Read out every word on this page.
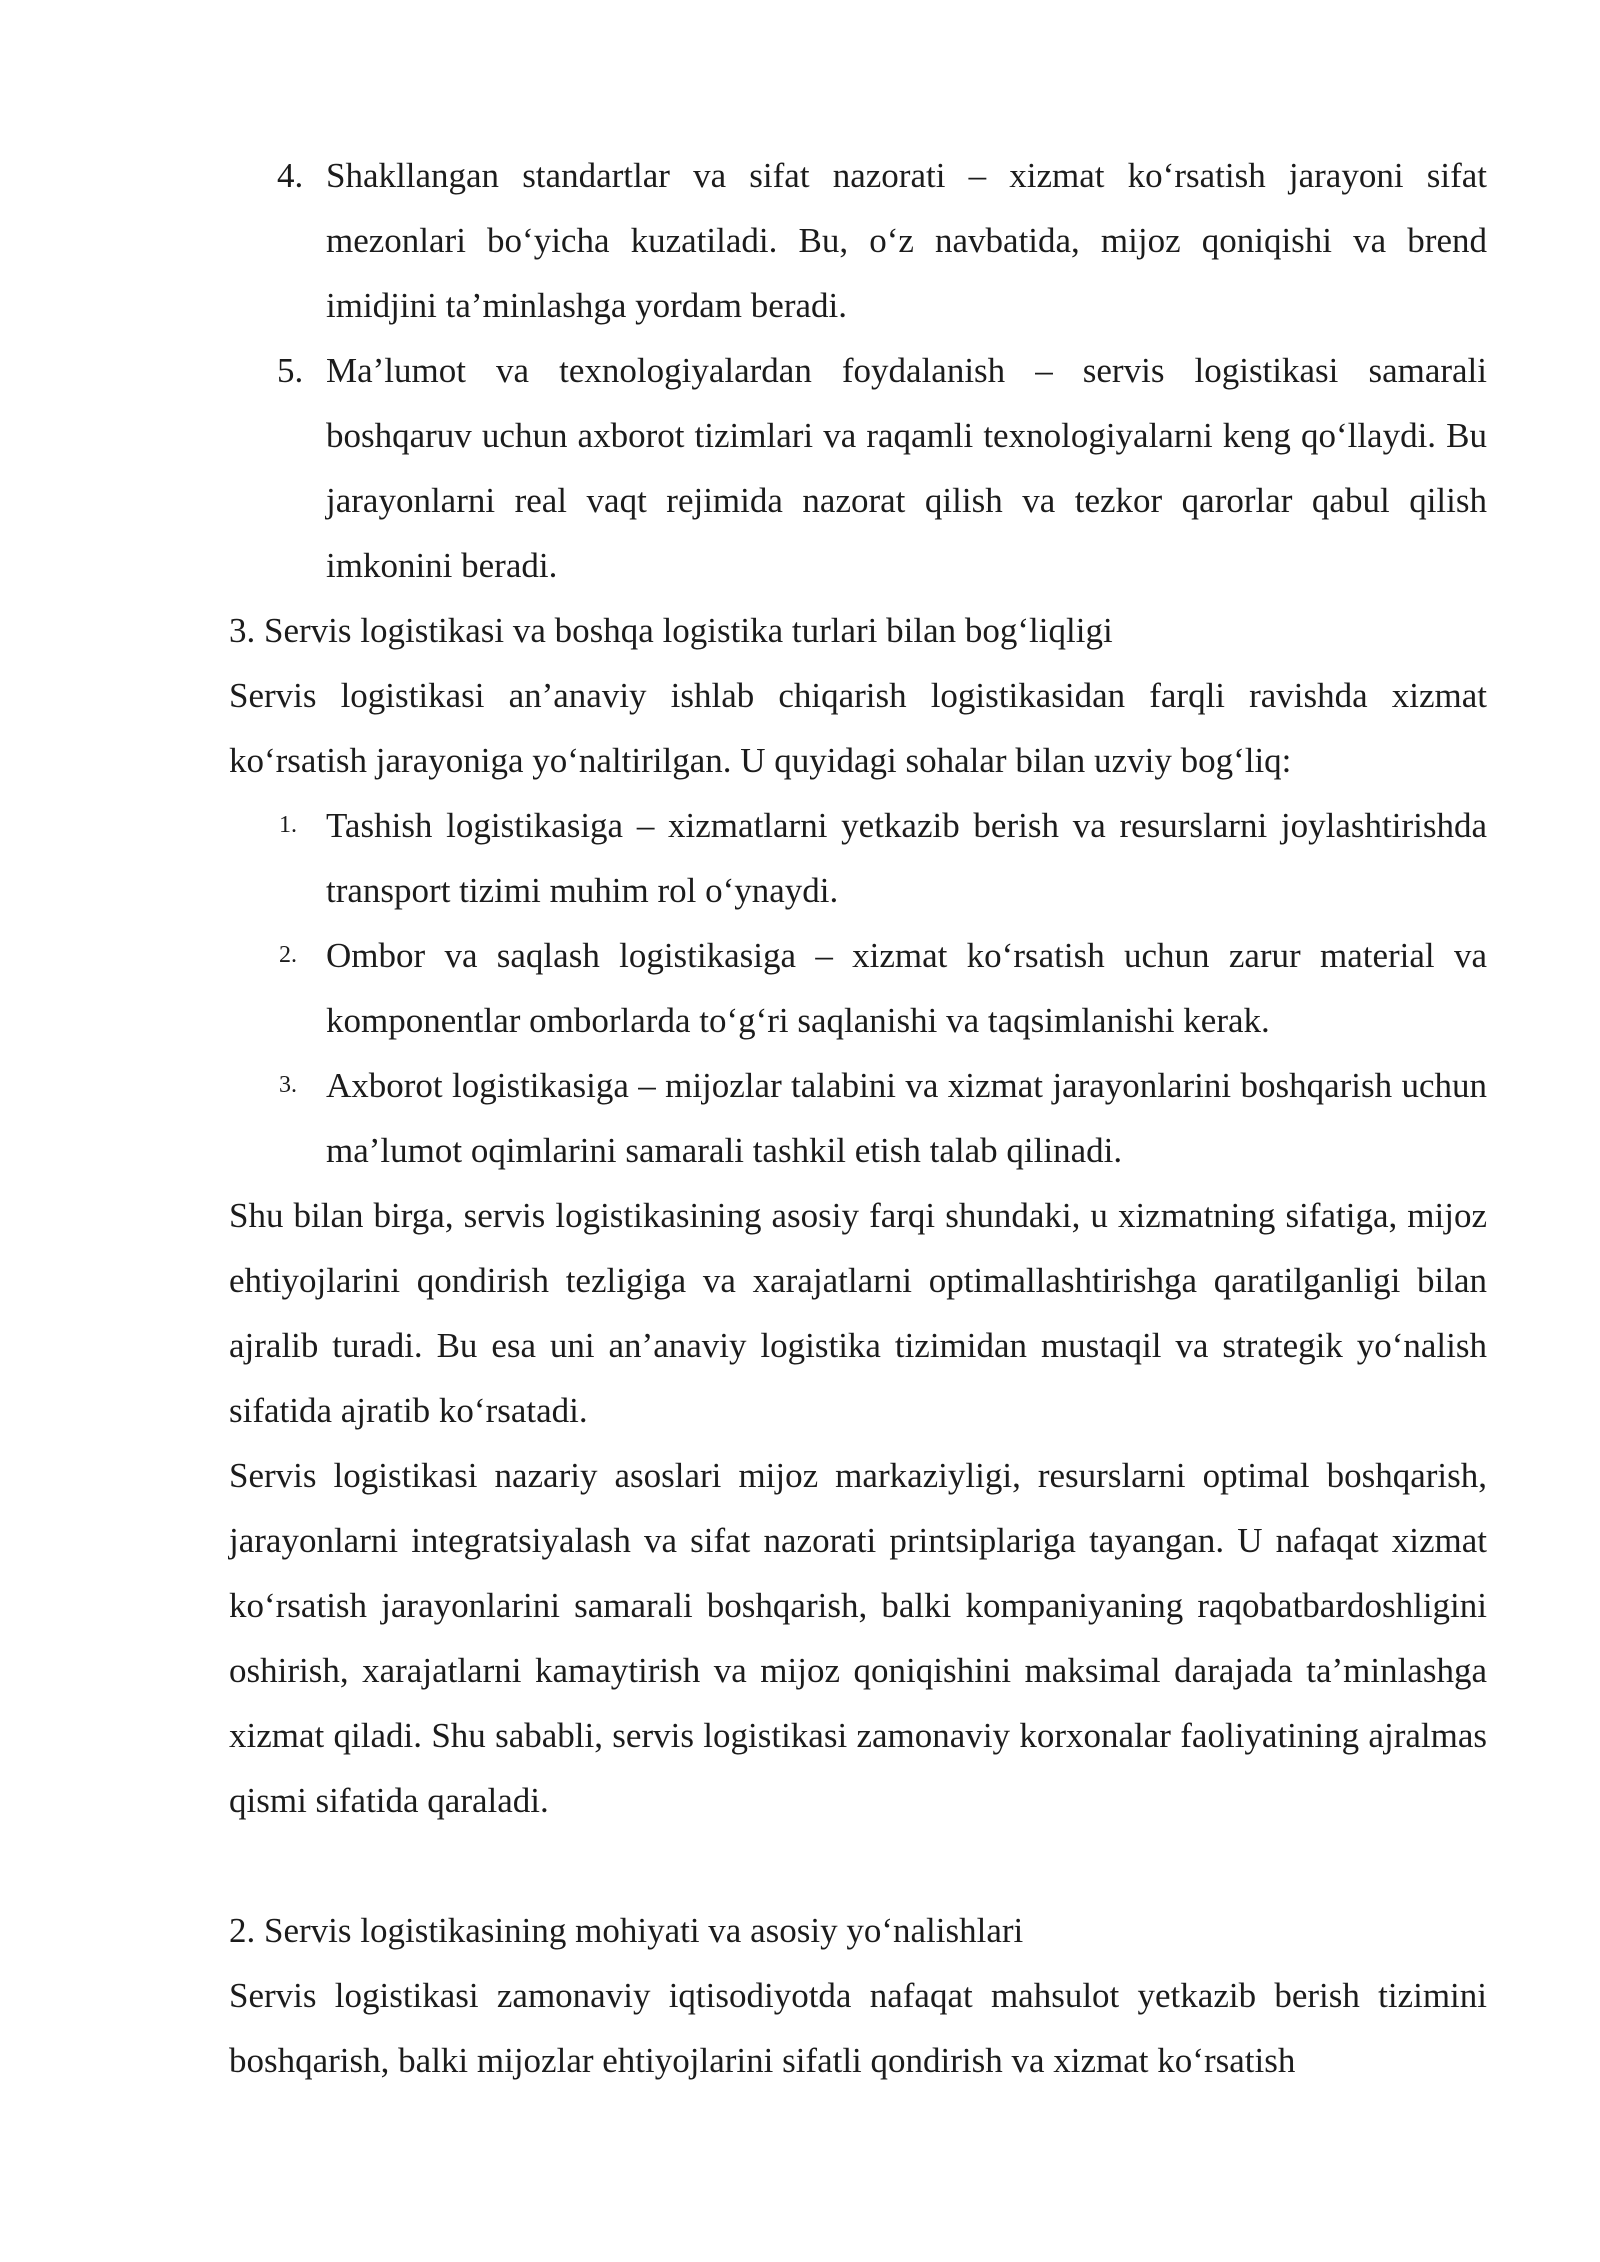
4. Shakllangan standartlar va sifat nazorati – xizmat ko‘rsatish jarayoni sifat mezonlari bo‘yicha kuzatiladi. Bu, o‘z navbatida, mijoz qoniqishi va brend imidjini ta’minlashga yordam beradi.
5. Ma’lumot va texnologiyalardan foydalanish – servis logistikasi samarali boshqaruv uchun axborot tizimlari va raqamli texnologiyalarni keng qo‘llaydi. Bu jarayonlarni real vaqt rejimida nazorat qilish va tezkor qarorlar qabul qilish imkonini beradi.

3. Servis logistikasi va boshqa logistika turlari bilan bog‘liqligi

Servis logistikasi an’anaviy ishlab chiqarish logistikasidan farqli ravishda xizmat ko‘rsatish jarayoniga yo‘naltirilgan. U quyidagi sohalar bilan uzviy bog‘liq:

1. Tashish logistikasiga – xizmatlarni yetkazib berish va resurslarni joylashtirishda transport tizimi muhim rol o‘ynaydi.
2. Ombor va saqlash logistikasiga – xizmat ko‘rsatish uchun zarur material va komponentlar omborlarda to‘g‘ri saqlanishi va taqsimlanishi kerak.
3. Axborot logistikasiga – mijozlar talabini va xizmat jarayonlarini boshqarish uchun ma’lumot oqimlarini samarali tashkil etish talab qilinadi.

Shu bilan birga, servis logistikasining asosiy farqi shundaki, u xizmatning sifatiga, mijoz ehtiyojlarini qondirish tezligiga va xarajatlarni optimallashtirishga qaratilganligi bilan ajralib turadi. Bu esa uni an’anaviy logistika tizimidan mustaqil va strategik yo‘nalish sifatida ajratib ko‘rsatadi.

Servis logistikasi nazariy asoslari mijoz markaziyligi, resurslarni optimal boshqarish, jarayonlarni integratsiyalash va sifat nazorati printsiplariga tayangan. U nafaqat xizmat ko‘rsatish jarayonlarini samarali boshqarish, balki kompaniyaning raqobatbardoshligini oshirish, xarajatlarni kamaytirish va mijoz qoniqishini maksimal darajada ta’minlashga xizmat qiladi. Shu sababli, servis logistikasi zamonaviy korxonalar faoliyatining ajralmas qismi sifatida qaraladi.

2. Servis logistikasining mohiyati va asosiy yo‘nalishlari

Servis logistikasi zamonaviy iqtisodiyotda nafaqat mahsulot yetkazib berish tizimini boshqarish, balki mijozlar ehtiyojlarini sifatli qondirish va xizmat ko‘rsatish
